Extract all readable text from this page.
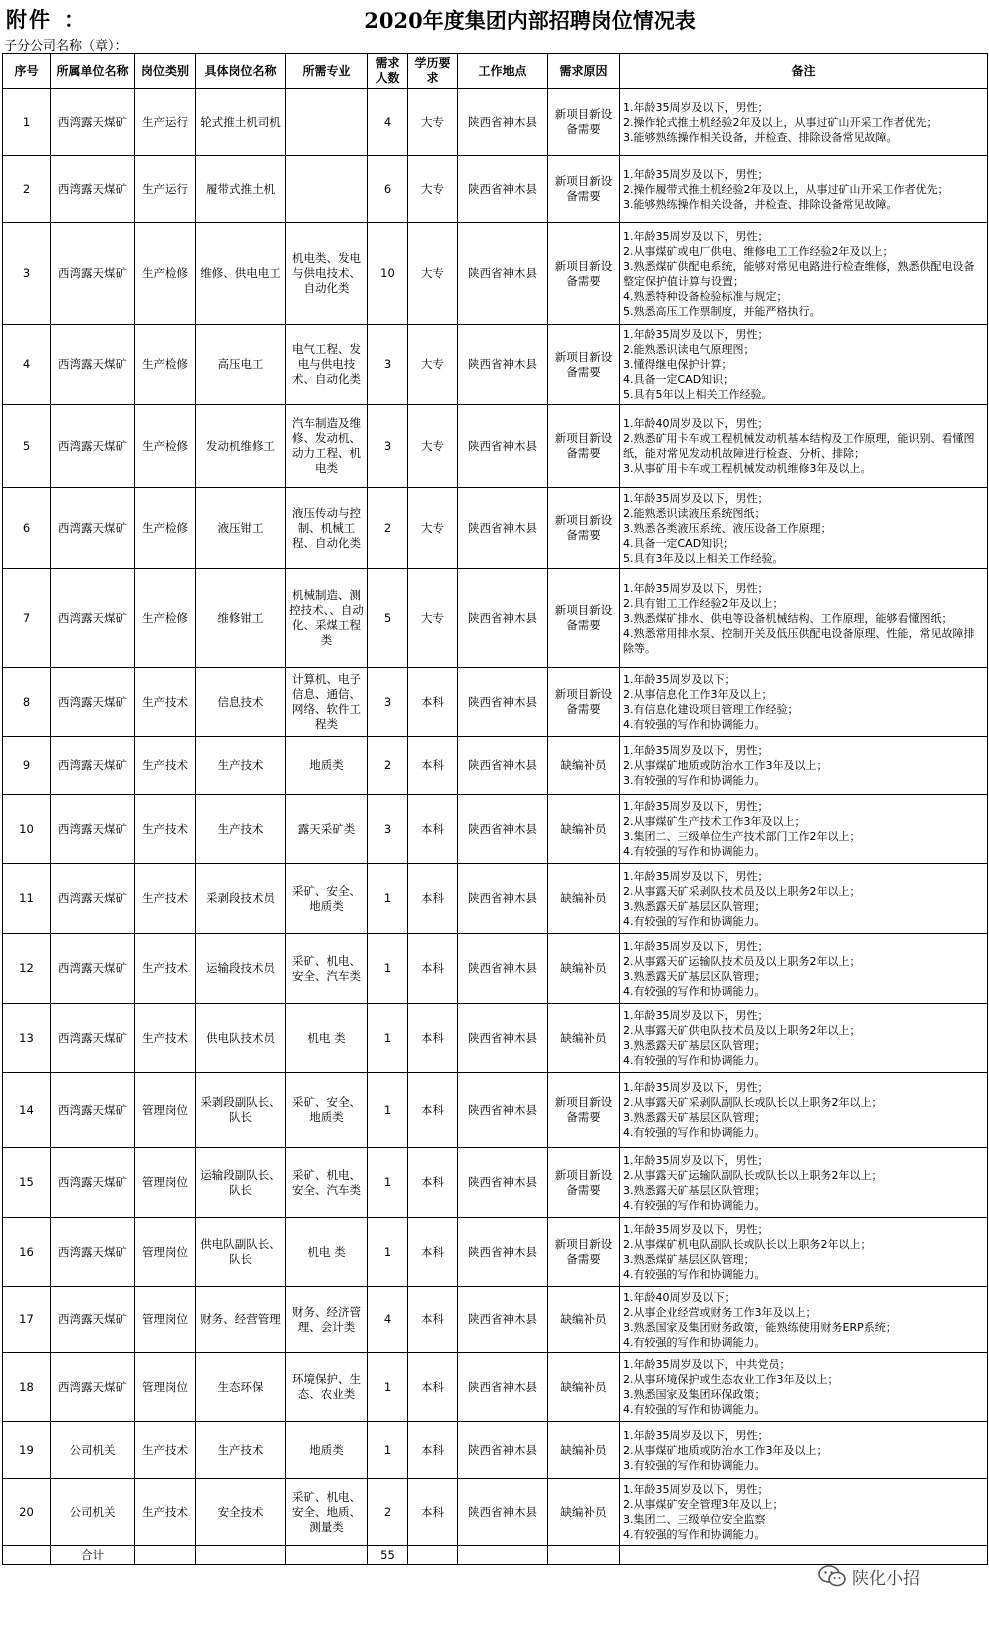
附件 ：	2020年度集团内部招聘岗位情况表
子分公司名称（章）：
序号	所属单位名称	岗位类别	具体岗位名称	所需专业	需求人数	学历要求	工作地点	需求原因	备注
1	西湾露天煤矿	生产运行	轮式推土机司机		4	大专	陕西省神木县	新项目新设备需要	1.年龄35周岁及以下，男性；
2.操作轮式推土机经验2年及以上，从事过矿山开采工作者优先；
3.能够熟练操作相关设备，并检查、排除设备常见故障。

2	西湾露天煤矿	生产运行	履带式推土机		6	大专	陕西省神木县	新项目新设备需要	1.年龄35周岁及以下，男性；
2.操作履带式推土机经验2年及以上，从事过矿山开采工作者优先；
3.能够熟练操作相关设备，并检查、排除设备常见故障。

3	西湾露天煤矿	生产检修	维修、供电电工	机电类、发电与供电技术、自动化类	10	大专	陕西省神木县	新项目新设备需要	1.年龄35周岁及以下，男性；
2.从事煤矿或电厂供电、维修电工工作经验2年及以上；
3.熟悉煤矿供配电系统，能够对常见电路进行检查维修，熟悉供配电设备整定保护值计算与设置；
4.熟悉特种设备检验标准与规定；
5.熟悉高压工作票制度，并能严格执行。

4	西湾露天煤矿	生产检修	高压电工	电气工程、发电与供电技术、自动化类	3	大专	陕西省神木县	新项目新设备需要	1.年龄35周岁及以下，男性；
2.能熟悉识读电气原理图；
3.懂得继电保护计算；
4.具备一定CAD知识；
5.具有5年以上相关工作经验。

5	西湾露天煤矿	生产检修	发动机维修工	汽车制造及维修、发动机、动力工程、机电类	3	大专	陕西省神木县	新项目新设备需要	1.年龄40周岁及以下，男性；
2.熟悉矿用卡车或工程机械发动机基本结构及工作原理，能识别、看懂图纸，能对常见发动机故障进行检查、分析、排除；
3.从事矿用卡车或工程机械发动机维修3年及以上。

6	西湾露天煤矿	生产检修	液压钳工	液压传动与控制、机械工程、自动化类	2	大专	陕西省神木县	新项目新设备需要	1.年龄35周岁及以下，男性；
2.能熟悉识读液压系统图纸；
3.熟悉各类液压系统、液压设备工作原理；
4.具备一定CAD知识；
5.具有3年及以上相关工作经验。

7	西湾露天煤矿	生产检修	维修钳工	机械制造、测控技术、、自动化、采煤工程类	5	大专	陕西省神木县	新项目新设备需要	1.年龄35周岁及以下，男性；
2.具有钳工工作经验2年及以上；
3.熟悉煤矿排水、供电等设备机械结构、工作原理，能够看懂图纸；
4.熟悉常用排水泵、控制开关及低压供配电设备原理、性能，常见故障排除等。

8	西湾露天煤矿	生产技术	信息技术	计算机、电子信息、通信、网络、软件工程类	3	本科	陕西省神木县	新项目新设备需要	1.年龄35周岁及以下；
2.从事信息化工作3年及以上；
3.有信息化建设项目管理工作经验；
4.有较强的写作和协调能力。

9	西湾露天煤矿	生产技术	生产技术	地质类	2	本科	陕西省神木县	缺编补员	1.年龄35周岁及以下，男性；
2.从事煤矿地质或防治水工作3年及以上；
3.有较强的写作和协调能力。

10	西湾露天煤矿	生产技术	生产技术	露天采矿类	3	本科	陕西省神木县	缺编补员	1.年龄35周岁及以下，男性；
2.从事煤矿生产技术工作3年及以上；
3.集团二、三级单位生产技术部门工作2年以上；
4.有较强的写作和协调能力。

11	西湾露天煤矿	生产技术	采剥段技术员	采矿、安全、地质类	1	本科	陕西省神木县	缺编补员	1.年龄35周岁及以下，男性；
2.从事露天矿采剥队技术员及以上职务2年以上；
3.熟悉露天矿基层区队管理；
4.有较强的写作和协调能力。

12	西湾露天煤矿	生产技术	运输段技术员	采矿、机电、安全、汽车类	1	本科	陕西省神木县	缺编补员	1.年龄35周岁及以下，男性；
2.从事露天矿运输队技术员及以上职务2年以上；
3.熟悉露天矿基层区队管理；
4.有较强的写作和协调能力。

13	西湾露天煤矿	生产技术	供电队技术员	机电 类	1	本科	陕西省神木县	缺编补员	1.年龄35周岁及以下，男性；
2.从事露天矿供电队技术员及以上职务2年以上；
3.熟悉露天矿基层区队管理；
4.有较强的写作和协调能力。

14	西湾露天煤矿	管理岗位	采剥段副队长、队长	采矿、安全、地质类	1	本科	陕西省神木县	新项目新设备需要	1.年龄35周岁及以下，男性；
2.从事露天矿采剥队副队长或队长以上职务2年以上；
3.熟悉露天矿基层区队管理；
4.有较强的写作和协调能力。

15	西湾露天煤矿	管理岗位	运输段副队长、队长	采矿、机电、安全、汽车类	1	本科	陕西省神木县	新项目新设备需要	1.年龄35周岁及以下，男性；
2.从事露天矿运输队副队长或队长以上职务2年以上；
3.熟悉露天矿基层区队管理；
4.有较强的写作和协调能力。

16	西湾露天煤矿	管理岗位	供电队副队长、队长	机电 类	1	本科	陕西省神木县	新项目新设备需要	1.年龄35周岁及以下，男性；
2.从事煤矿机电队副队长或队长以上职务2年以上；
3.熟悉煤矿基层区队管理；
4.有较强的写作和协调能力。

17	西湾露天煤矿	管理岗位	财务、经营管理	财务、经济管理、会计类	4	本科	陕西省神木县	缺编补员	1.年龄40周岁及以下；
2.从事企业经营或财务工作3年及以上；
3.熟悉国家及集团财务政策，能熟练使用财务ERP系统；
4.有较强的写作和协调能力。

18	西湾露天煤矿	管理岗位	生态环保	环境保护、生态、农业类	1	本科	陕西省神木县	缺编补员	1.年龄35周岁及以下，中共党员；
2.从事环境保护或生态农业工作3年及以上；
3.熟悉国家及集团环保政策；
4.有较强的写作和协调能力。

19	公司机关	生产技术	生产技术	地质类	1	本科	陕西省神木县	缺编补员	1.年龄35周岁及以下，男性；
2.从事煤矿地质或防治水工作3年及以上；
3.有较强的写作和协调能力。

20	公司机关	生产技术	安全技术	采矿、机电、安全、地质、测量类	2	本科	陕西省神木县	缺编补员	1.年龄35周岁及以下，男性；
2.从事煤矿安全管理3年及以上；
3.集团二、三级单位安全监察
4.有较强的写作和协调能力。

	合计				55				
陕化小招
